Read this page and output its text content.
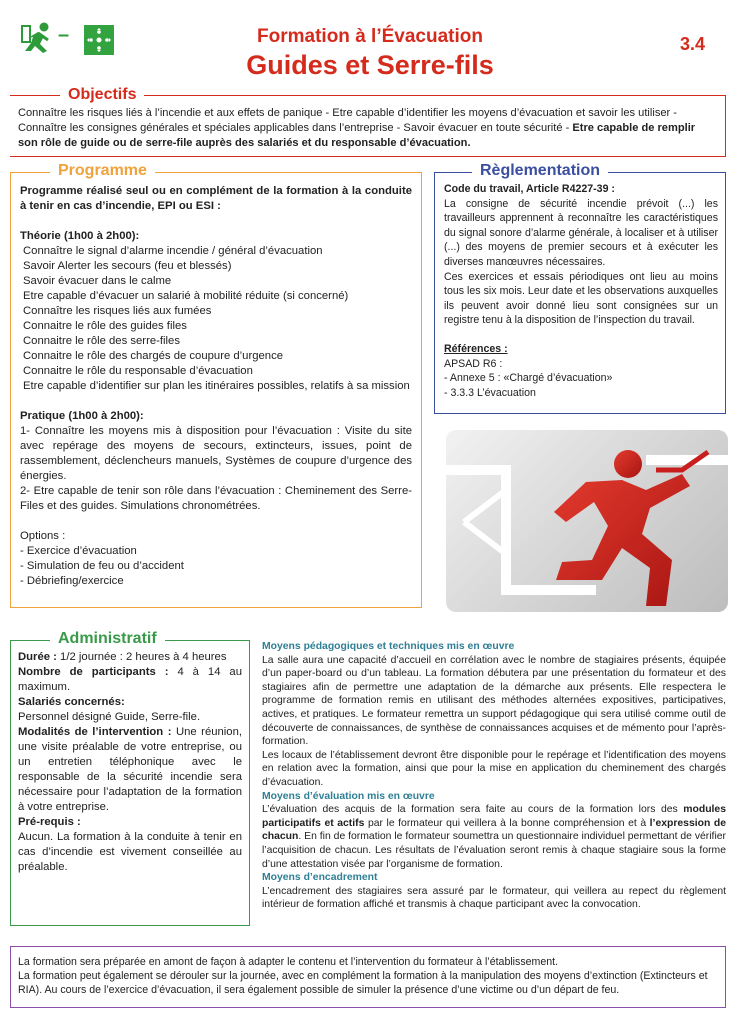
–	Formation à l’Évacuation
Guides et Serre-fils
3.4
Objectifs
Connaître les risques liés à l’incendie et aux effets de panique - Etre capable d’identifier les moyens d’évacuation et savoir les utiliser -
Connaître les consignes générales et spéciales applicables dans l’entreprise - Savoir évacuer en toute sécurité - Etre capable de remplir
son rôle de guide ou de serre-file auprès des salariés et du responsable d’évacuation.
Programme

Programme réalisé seul ou en complément de la formation à la conduite à tenir en cas d’incendie, EPI ou ESI :

Théorie (1h00 à 2h00):

Connaître le signal d’alarme incendie / général d’évacuation
Savoir Alerter les secours (feu et blessés)
Savoir évacuer dans le calme
Etre capable d’évacuer un salarié à mobilité réduite (si concerné)
Connaître les risques liés aux fumées
Connaitre le rôle des guides files
Connaitre le rôle des serre-files
Connaitre le rôle des chargés de coupure d’urgence
Connaitre le rôle du responsable d’évacuation
Etre capable d’identifier sur plan les itinéraires possibles, relatifs à sa mission

Pratique (1h00 à 2h00):

1- Connaître les moyens mis à disposition pour l’évacuation : Visite du site avec repérage des moyens de secours, extincteurs, issues, point de rassemblement, déclencheurs manuels, Systèmes de coupure d’urgence des énergies.

2- Etre capable de tenir son rôle dans l’évacuation : Cheminement des Serre-Files et des guides. Simulations chronométrées.

Options :

- Exercice d’évacuation
- Simulation de feu ou d’accident
- Débriefing/exercice
Règlementation

Code du travail, Article R4227-39 :

La consigne de sécurité incendie prévoit (...) les travailleurs apprennent à reconnaître les caractéristiques du signal sonore d’alarme générale, à localiser et à utiliser (...) des moyens de premier secours et à exécuter les diverses manœuvres nécessaires.

Ces exercices et essais périodiques ont lieu au moins tous les six mois. Leur date et les observations auxquelles ils peuvent avoir donné lieu sont consignées sur un registre tenu à la disposition de l’inspection du travail.

Références :

APSAD R6 :
- Annexe 5 : «Chargé d’évacuation»
- 3.3.3 L’évacuation
Administratif

Durée : 1/2 journée : 2 heures à 4 heures

Nombre de participants : 4 à 14 au maximum.

Salariés concernés:

Personnel désigné Guide, Serre-file.

Modalités de l’intervention : Une réunion, une visite préalable de votre entreprise, ou un entretien téléphonique avec le responsable de la sécurité incendie sera nécessaire pour l’adaptation de la formation à votre entreprise.

Pré-requis :

Aucun. La formation à la conduite à tenir en cas d’incendie est vivement conseillée au préalable.

Moyens pédagogiques et techniques mis en œuvre

La salle aura une capacité d’accueil en corrélation avec le nombre de stagiaires présents, équipée d’un paper-board ou d’un tableau. La formation débutera par une présentation du formateur et des stagiaires afin de permettre une adaptation de la démarche aux présents. Elle respectera le programme de formation remis en utilisant des méthodes alternées expositives, participatives, actives, et pratiques. Le formateur remettra un support pédagogique qui sera utilisé comme outil de découverte de connaissances, de synthèse de connaissances acquises et de mémento pour l’après-formation.

Les locaux de l’établissement devront être disponible pour le repérage et l’identification des moyens en relation avec la formation, ainsi que pour la mise en application du cheminement des chargés d’évacuation.

Moyens d’évaluation mis en œuvre

L’évaluation des acquis de la formation sera faite au cours de la formation lors des modules participatifs et actifs par le formateur qui veillera à la bonne compréhension et à l’expression de chacun. En fin de formation le formateur soumettra un questionnaire individuel permettant de vérifier l’acquisition de chacun. Les résultats de l’évaluation seront remis à chaque stagiaire sous la forme d’une attestation visée par l’organisme de formation.

Moyens d’encadrement

L’encadrement des stagiaires sera assuré par le formateur, qui veillera au repect du règlement intérieur de formation affiché et transmis à chaque participant avec la convocation.

La formation sera préparée en amont de façon à adapter le contenu et l’intervention du formateur à l’établissement.

La formation peut également se dérouler sur la journée, avec en complément la formation à la manipulation des moyens d’extinction (Extincteurs et RIA). Au cours de l’exercice d’évacuation, il sera également possible de simuler la présence d’une victime ou d’un départ de feu.
